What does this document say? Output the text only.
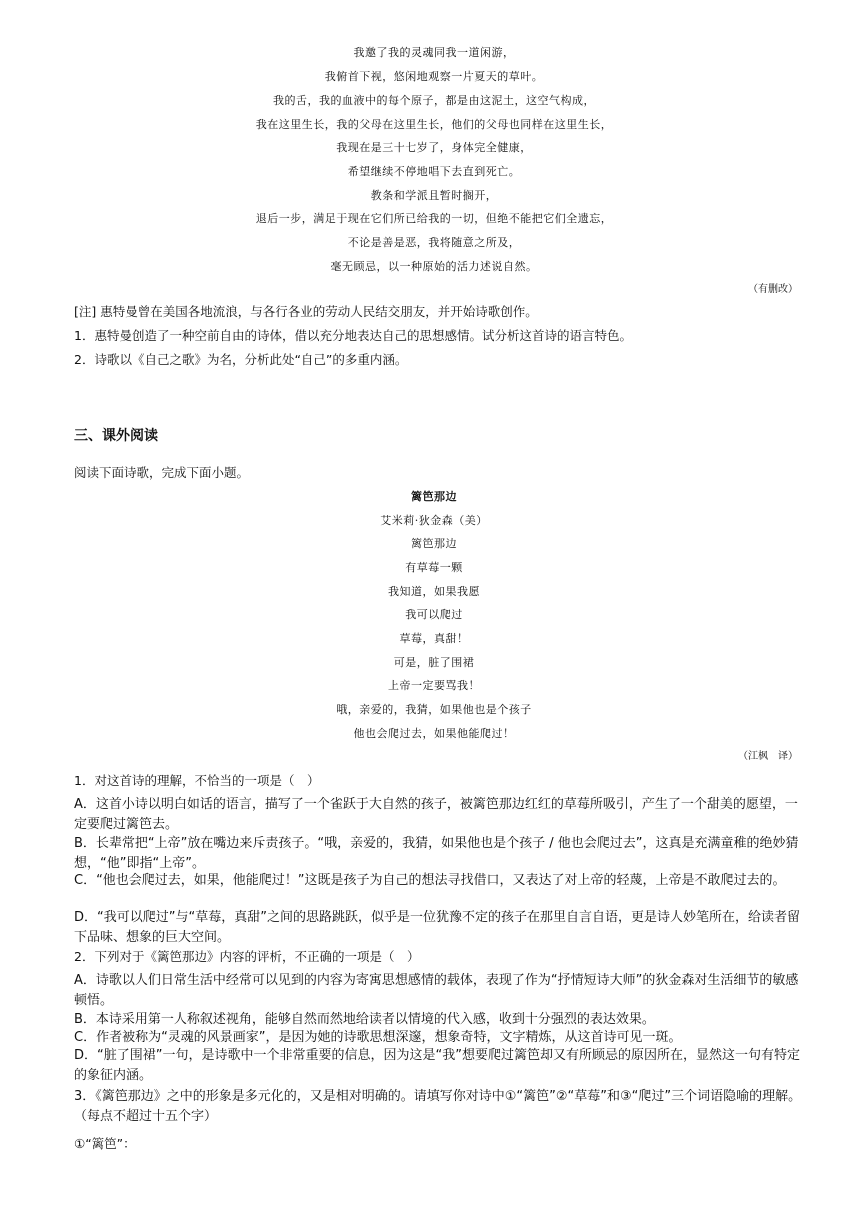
我邀了我的灵魂同我一道闲游，
我俯首下视，悠闲地观察一片夏天的草叶。
我的舌，我的血液中的每个原子，都是由这泥土，这空气构成，
我在这里生长，我的父母在这里生长，他们的父母也同样在这里生长，
我现在是三十七岁了，身体完全健康，
希望继续不停地唱下去直到死亡。
教条和学派且暂时搁开，
退后一步，满足于现在它们所已给我的一切，但绝不能把它们全遗忘，
不论是善是恶，我将随意之所及，
毫无顾忌，以一种原始的活力述说自然。
（有删改）
[注] 惠特曼曾在美国各地流浪，与各行各业的劳动人民结交朋友，并开始诗歌创作。
1．惠特曼创造了一种空前自由的诗体，借以充分地表达自己的思想感情。试分析这首诗的语言特色。
2．诗歌以《自己之歌》为名，分析此处“自己”的多重内涵。
三、课外阅读
阅读下面诗歌，完成下面小题。
篱笆那边
艾米莉·狄金森（美）
篱笆那边
有草莓一颗
我知道，如果我愿
我可以爬过
草莓，真甜！
可是，脏了围裙
上帝一定要骂我！
哦，亲爱的，我猜，如果他也是个孩子
他也会爬过去，如果他能爬过！
（江枫　译）
1．对这首诗的理解，不恰当的一项是（　）
A．这首小诗以明白如话的语言，描写了一个雀跃于大自然的孩子，被篱笆那边红红的草莓所吸引，产生了一个甜美的愿望，一定要爬过篱笆去。
B．长辈常把“上帝”放在嘴边来斥责孩子。“哦，亲爱的，我猜，如果他也是个孩子 / 他也会爬过去”，这真是充满童稚的绝妙猜想，“他”即指“上帝”。
C．“他也会爬过去，如果，他能爬过！”这既是孩子为自己的想法寻找借口，又表达了对上帝的轻蔑，上帝是不敢爬过去的。
D．“我可以爬过”与“草莓，真甜”之间的思路跳跃，似乎是一位犹豫不定的孩子在那里自言自语，更是诗人妙笔所在，给读者留下品味、想象的巨大空间。
2．下列对于《篱笆那边》内容的评析，不正确的一项是（　）
A．诗歌以人们日常生活中经常可以见到的内容为寄寓思想感情的载体，表现了作为“抒情短诗大师”的狄金森对生活细节的敏感顿悟。
B．本诗采用第一人称叙述视角，能够自然而然地给读者以情境的代入感，收到十分强烈的表达效果。
C．作者被称为“灵魂的风景画家”，是因为她的诗歌思想深邃，想象奇特，文字精炼，从这首诗可见一斑。
D．“脏了围裙”一句，是诗歌中一个非常重要的信息，因为这是“我”想要爬过篱笆却又有所顾忌的原因所在，显然这一句有特定的象征内涵。
3．《篱笆那边》之中的形象是多元化的，又是相对明确的。请填写你对诗中①“篱笆”②“草莓”和③“爬过”三个词语隐喻的理解。（每点不超过十五个字）
①“篱笆”：
